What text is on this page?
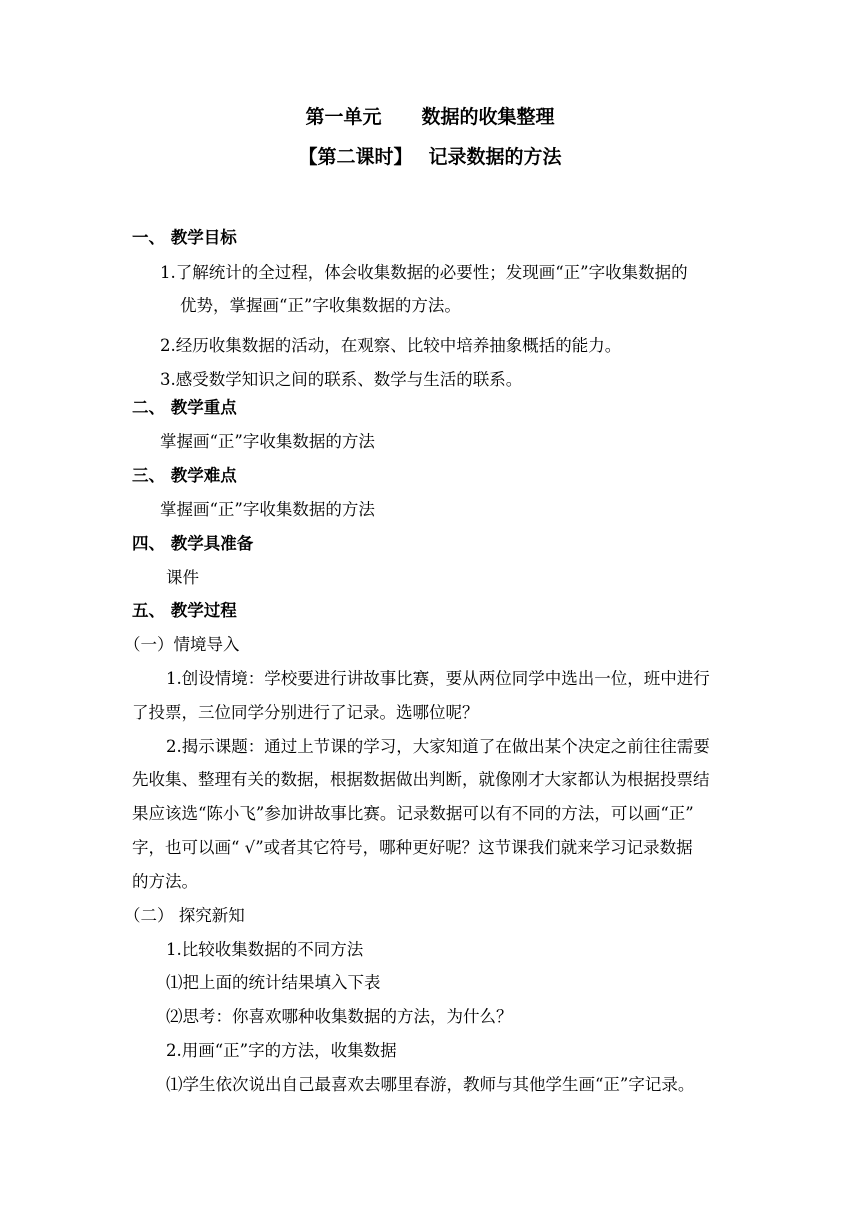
第一单元 数据的收集整理
【第二课时】 记录数据的方法
一、 教学目标
1.了解统计的全过程，体会收集数据的必要性；发现画“正”字收集数据的
优势，掌握画“正”字收集数据的方法。
2.经历收集数据的活动，在观察、比较中培养抽象概括的能力。
3.感受数学知识之间的联系、数学与生活的联系。
二、 教学重点
掌握画“正”字收集数据的方法
三、 教学难点
掌握画“正”字收集数据的方法
四、 教学具准备
课件
五、 教学过程
（一）情境导入
1.创设情境：学校要进行讲故事比赛，要从两位同学中选出一位，班中进行
了投票，三位同学分别进行了记录。选哪位呢？
2.揭示课题：通过上节课的学习，大家知道了在做出某个决定之前往往需要
先收集、整理有关的数据，根据数据做出判断，就像刚才大家都认为根据投票结
果应该选“陈小飞”参加讲故事比赛。记录数据可以有不同的方法，可以画“正”
字，也可以画“ √”或者其它符号，哪种更好呢？这节课我们就来学习记录数据
的方法。
（二） 探究新知
1.比较收集数据的不同方法
⑴把上面的统计结果填入下表
⑵思考：你喜欢哪种收集数据的方法，为什么？
2.用画“正”字的方法，收集数据
⑴学生依次说出自己最喜欢去哪里春游，教师与其他学生画“正”字记录。
